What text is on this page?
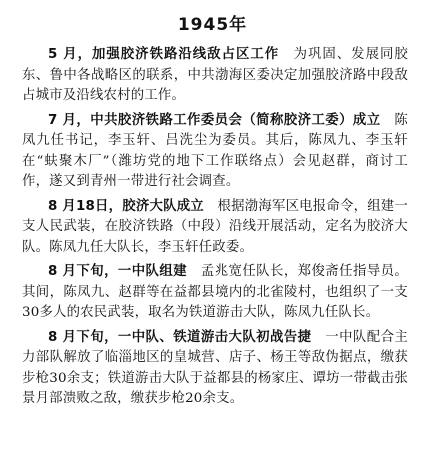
1945年

5 月，加强胶济铁路沿线敌占区工作　为巩固、发展同胶东、鲁中各战略区的联系，中共渤海区委决定加强胶济路中段敌占城市及沿线农村的工作。

7 月，中共胶济铁路工作委员会（简称胶济工委）成立　陈凤九任书记，李玉轩、吕洗尘为委员。其后，陈凤九、李玉轩在“蚨聚木厂”（潍坊党的地下工作联络点）会见赵群，商讨工作，遂又到青州一带进行社会调查。

8 月18日，胶济大队成立　根据渤海军区电报命令，组建一支人民武装，在胶济铁路（中段）沿线开展活动，定名为胶济大队。陈凤九任大队长，李玉轩任政委。

8 月下旬，一中队组建　孟兆宽任队长，郑俊斋任指导员。其间，陈凤九、赵群等在益都县境内的北雀陵村，也组织了一支30多人的农民武装，取名为铁道游击大队，陈凤九任队长。

8 月下旬，一中队、铁道游击大队初战告捷　一中队配合主力部队解放了临淄地区的皇城营、店子、杨王等敌伪据点，缴获步枪30余支；铁道游击大队于益都县的杨家庄、谭坊一带截击张景月部溃败之敌，缴获步枪20余支。
